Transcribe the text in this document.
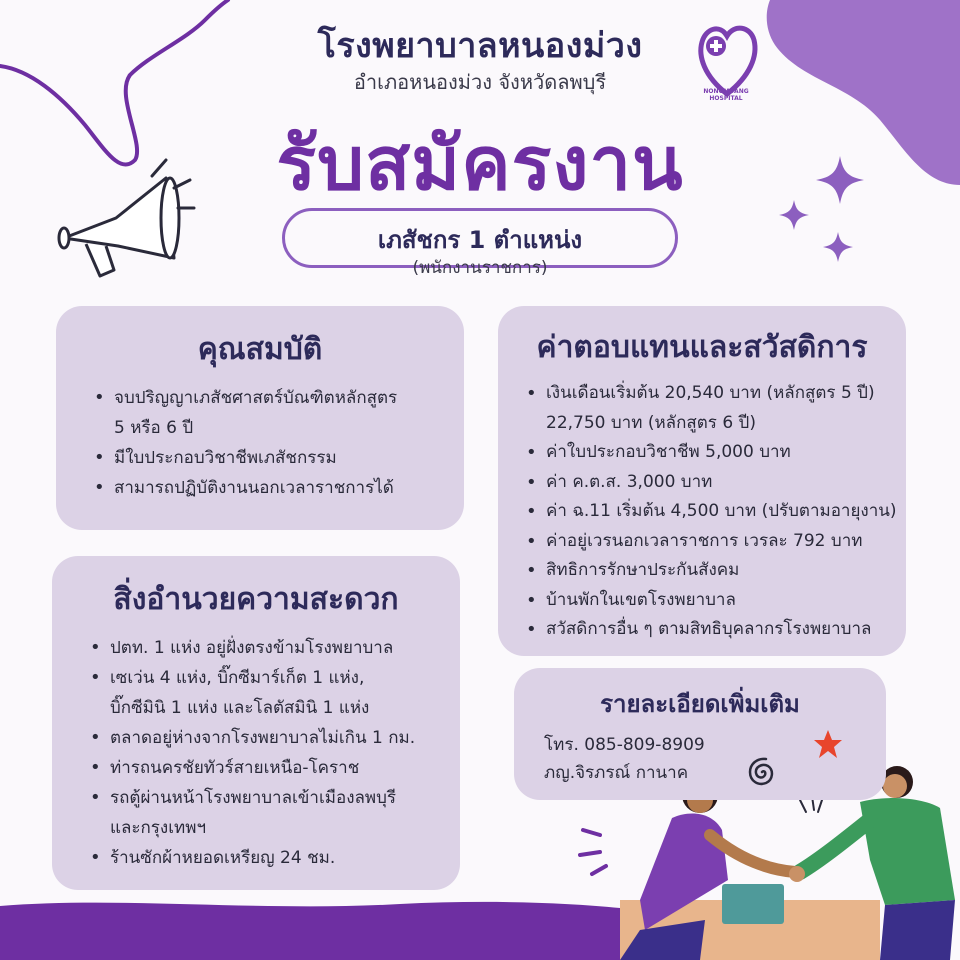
NONGMUANG HOSPITAL
โรงพยาบาลหนองม่วง
อำเภอหนองม่วง จังหวัดลพบุรี
รับสมัครงาน
เภสัชกร 1 ตำแหน่ง
(พนักงานราชการ)
คุณสมบัติ
• จบปริญญาเภสัชศาสตร์บัณฑิตหลักสูตร
5 หรือ 6 ปี
• มีใบประกอบวิชาชีพเภสัชกรรม
• สามารถปฏิบัติงานนอกเวลาราชการได้
สิ่งอำนวยความสะดวก
• ปตท. 1 แห่ง อยู่ฝั่งตรงข้ามโรงพยาบาล
• เซเว่น 4 แห่ง, บิ๊กซีมาร์เก็ต 1 แห่ง,
บิ๊กซีมินิ 1 แห่ง และโลตัสมินิ 1 แห่ง
• ตลาดอยู่ห่างจากโรงพยาบาลไม่เกิน 1 กม.
• ท่ารถนครชัยทัวร์สายเหนือ-โคราช
• รถตู้ผ่านหน้าโรงพยาบาลเข้าเมืองลพบุรี
และกรุงเทพฯ
• ร้านซักผ้าหยอดเหรียญ 24 ชม.
ค่าตอบแทนและสวัสดิการ
• เงินเดือนเริ่มต้น 20,540 บาท (หลักสูตร 5 ปี)
22,750 บาท (หลักสูตร 6 ปี)
• ค่าใบประกอบวิชาชีพ 5,000 บาท
• ค่า ค.ต.ส. 3,000 บาท
• ค่า ฉ.11 เริ่มต้น 4,500 บาท (ปรับตามอายุงาน)
• ค่าอยู่เวรนอกเวลาราชการ เวรละ 792 บาท
• สิทธิการรักษาประกันสังคม
• บ้านพักในเขตโรงพยาบาล
• สวัสดิการอื่น ๆ ตามสิทธิบุคลากรโรงพยาบาล
รายละเอียดเพิ่มเติม
โทร. 085-809-8909
ภญ.จิรภรณ์ กานาค
